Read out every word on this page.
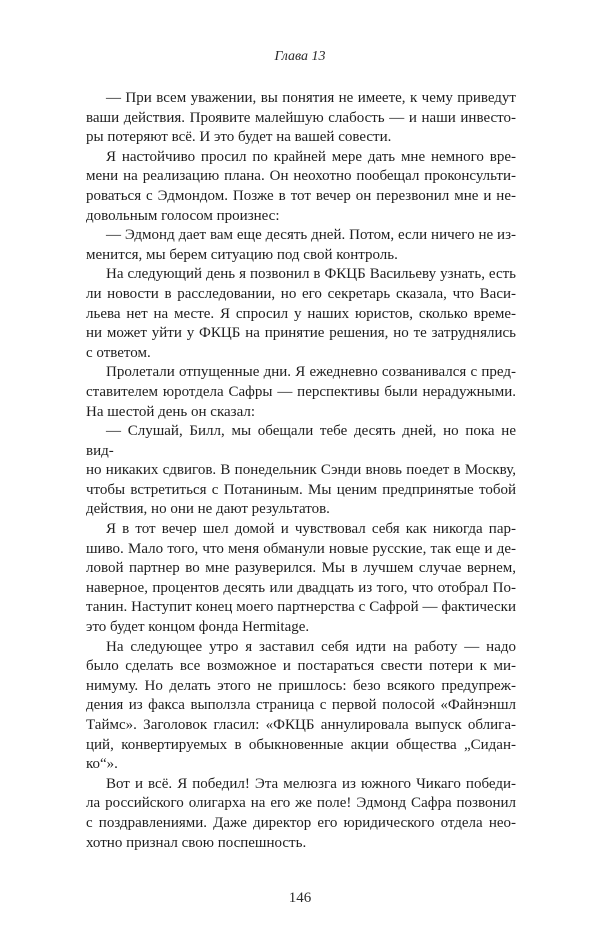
Глава 13
— При всем уважении, вы понятия не имеете, к чему приведут
ваши действия. Проявите малейшую слабость — и наши инвесто-
ры потеряют всё. И это будет на вашей совести.
Я настойчиво просил по крайней мере дать мне немного вре-
мени на реализацию плана. Он неохотно пообещал проконсульти-
роваться с Эдмондом. Позже в тот вечер он перезвонил мне и не-
довольным голосом произнес:
— Эдмонд дает вам еще десять дней. Потом, если ничего не из-
менится, мы берем ситуацию под свой контроль.
На следующий день я позвонил в ФКЦБ Васильеву узнать, есть
ли новости в расследовании, но его секретарь сказала, что Васи-
льева нет на месте. Я спросил у наших юристов, сколько време-
ни может уйти у ФКЦБ на принятие решения, но те затруднялись
с ответом.
Пролетали отпущенные дни. Я ежедневно созванивался с пред-
ставителем юротдела Сафры — перспективы были нерадужными.
На шестой день он сказал:
— Слушай, Билл, мы обещали тебе десять дней, но пока не вид-
но никаких сдвигов. В понедельник Сэнди вновь поедет в Москву,
чтобы встретиться с Потаниным. Мы ценим предпринятые тобой
действия, но они не дают результатов.
Я в тот вечер шел домой и чувствовал себя как никогда пар-
шиво. Мало того, что меня обманули новые русские, так еще и де-
ловой партнер во мне разуверился. Мы в лучшем случае вернем,
наверное, процентов десять или двадцать из того, что отобрал По-
танин. Наступит конец моего партнерства с Сафрой — фактически
это будет концом фонда Hermitage.
На следующее утро я заставил себя идти на работу — надо
было сделать все возможное и постараться свести потери к ми-
нимуму. Но делать этого не пришлось: безо всякого предупреж-
дения из факса выползла страница с первой полосой «Файнэншл
Таймс». Заголовок гласил: «ФКЦБ аннулировала выпуск облига-
ций, конвертируемых в обыкновенные акции общества „Сидан-
ко“».
Вот и всё. Я победил! Эта мелюзга из южного Чикаго победи-
ла российского олигарха на его же поле! Эдмонд Сафра позвонил
с поздравлениями. Даже директор его юридического отдела нео-
хотно признал свою поспешность.
146
